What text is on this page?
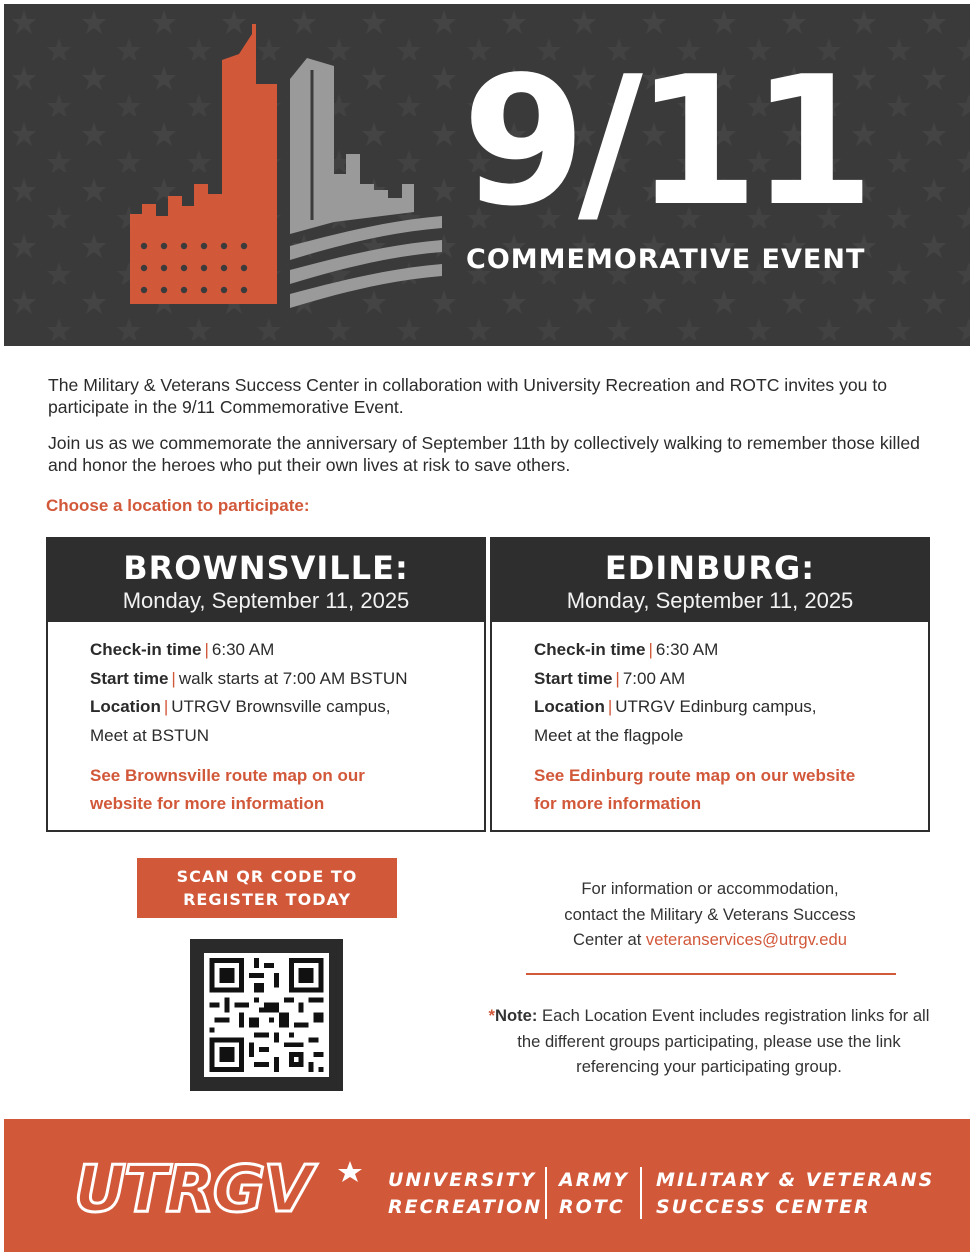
9/11
COMMEMORATIVE EVENT

The Military & Veterans Success Center in collaboration with University Recreation and ROTC invites you to participate in the 9/11 Commemorative Event.

Join us as we commemorate the anniversary of September 11th by collectively walking to remember those killed and honor the heroes who put their own lives at risk to save others.

Choose a location to participate:
BROWNSVILLE:
Monday, September 11, 2025
Check-in time | 6:30 AM
Start time | walk starts at 7:00 AM BSTUN
Location | UTRGV Brownsville campus,
Meet at BSTUN
See Brownsville route map on our website for more information
EDINBURG:
Monday, September 11, 2025
Check-in time | 6:30 AM
Start time | 7:00 AM
Location | UTRGV Edinburg campus,
Meet at the flagpole
See Edinburg route map on our website for more information
SCAN QR CODE TO
REGISTER TODAY
For information or accommodation,
contact the Military & Veterans Success
Center at veteranservices@utrgv.edu
*Note: Each Location Event includes registration links for all the different groups participating, please use the link referencing your participating group.
UTRGV	UNIVERSITY
RECREATION
ARMY
ROTC
MILITARY & VETERANS
SUCCESS CENTER
